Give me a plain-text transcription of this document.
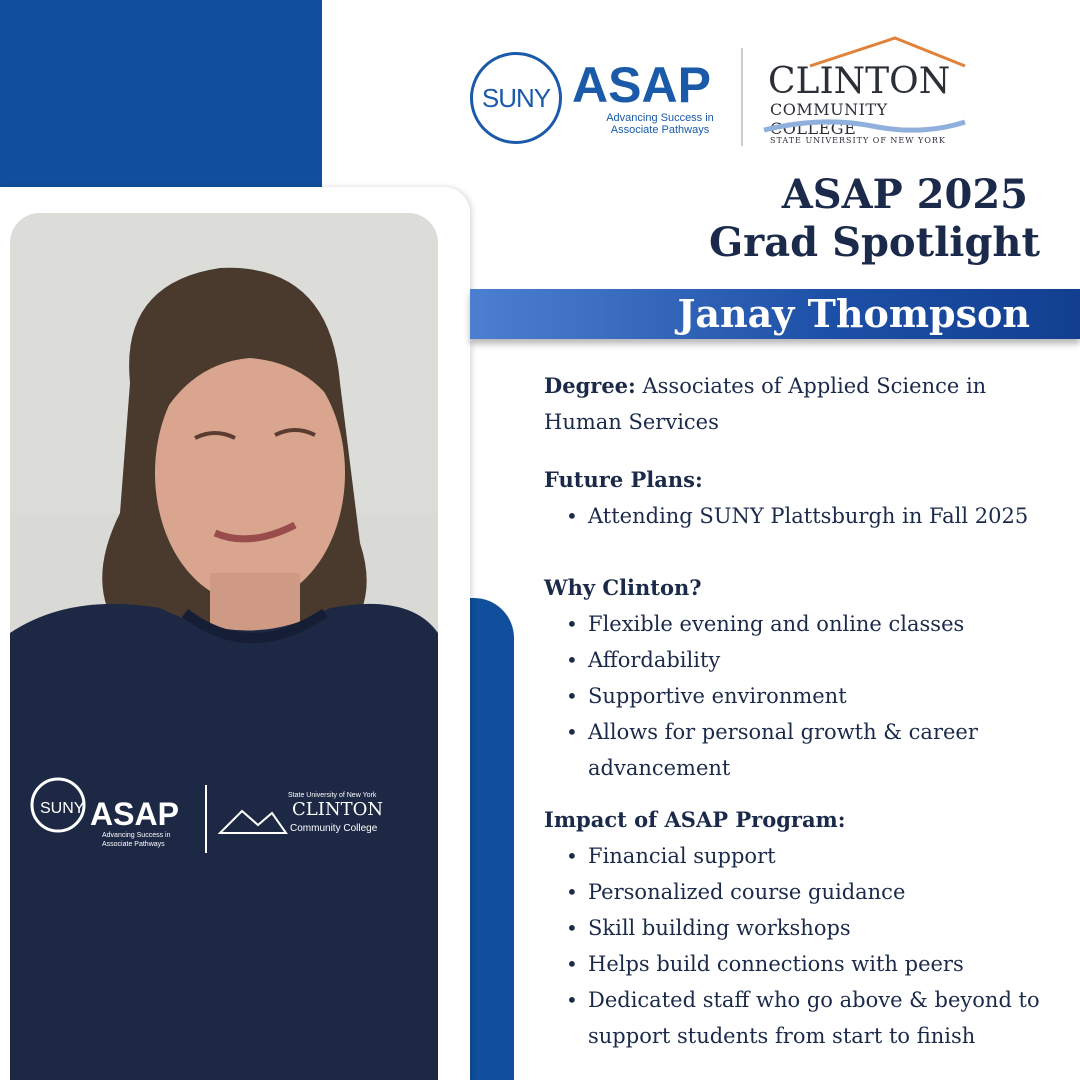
SUNY ASAP
Advancing Success in
Associate Pathways
State University of New York
CLINTON
Community College
SUNY ASAP
Advancing Success in
Associate Pathways
CLINTON
COMMUNITY COLLEGE
STATE UNIVERSITY OF NEW YORK
ASAP 2025
Grad Spotlight
Janay Thompson
Degree: Associates of Applied Science in
Human Services
Future Plans:
• Attending SUNY Plattsburgh in Fall 2025
Why Clinton?
• Flexible evening and online classes
• Affordability
• Supportive environment
• Allows for personal growth & career advancement
Impact of ASAP Program:
• Financial support
• Personalized course guidance
• Skill building workshops
• Helps build connections with peers
• Dedicated staff who go above & beyond to support students from start to finish
